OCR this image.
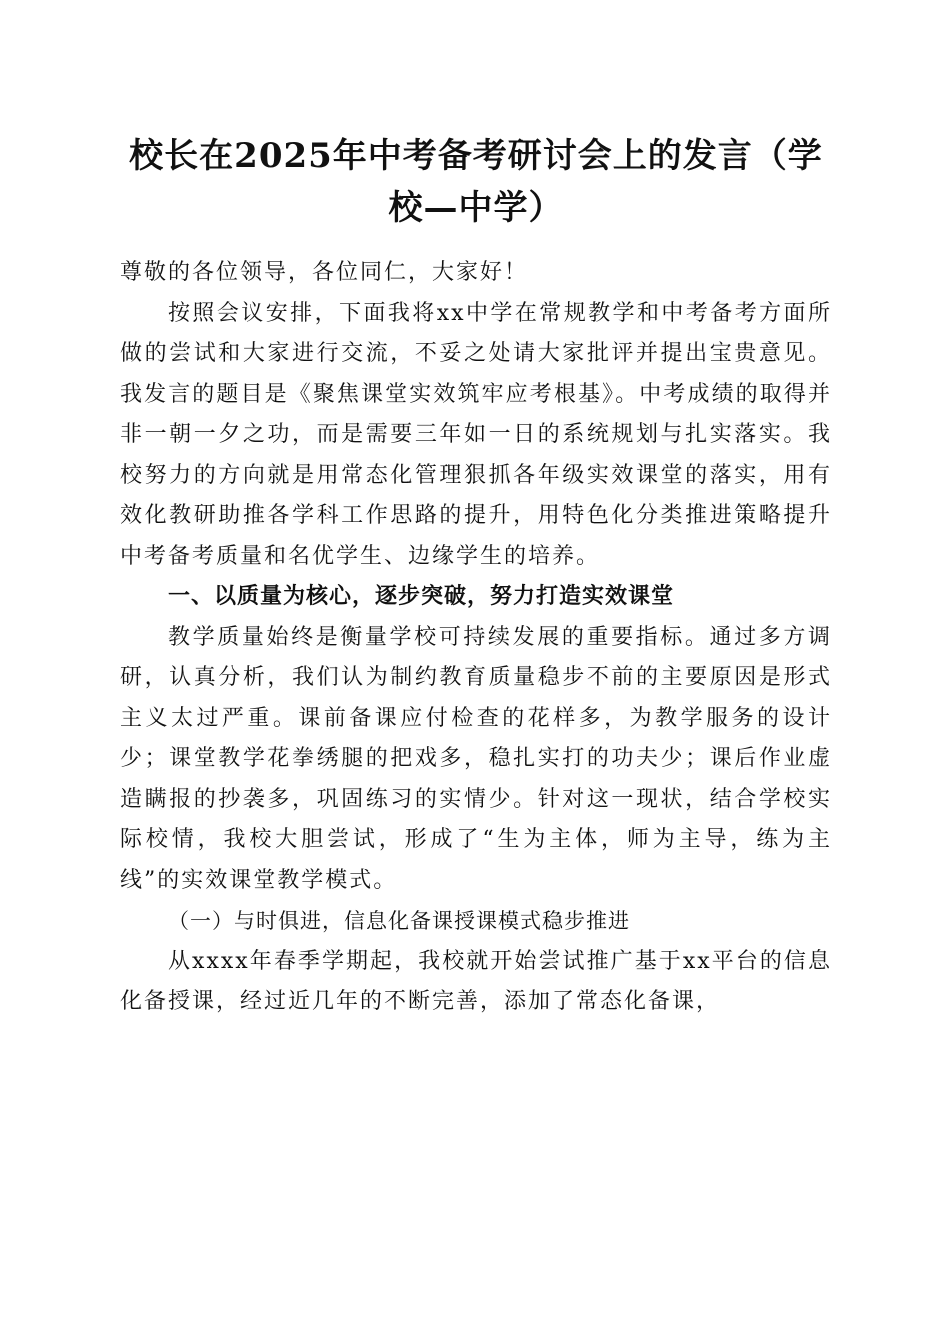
校长在2025年中考备考研讨会上的发言（学校—中学）

尊敬的各位领导，各位同仁，大家好！

按照会议安排，下面我将xx中学在常规教学和中考备考方面所做的尝试和大家进行交流，不妥之处请大家批评并提出宝贵意见。我发言的题目是《聚焦课堂实效筑牢应考根基》。中考成绩的取得并非一朝一夕之功，而是需要三年如一日的系统规划与扎实落实。我校努力的方向就是用常态化管理狠抓各年级实效课堂的落实，用有效化教研助推各学科工作思路的提升，用特色化分类推进策略提升中考备考质量和名优学生、边缘学生的培养。

一、以质量为核心，逐步突破，努力打造实效课堂

教学质量始终是衡量学校可持续发展的重要指标。通过多方调研，认真分析，我们认为制约教育质量稳步不前的主要原因是形式主义太过严重。课前备课应付检查的花样多，为教学服务的设计少；课堂教学花拳绣腿的把戏多，稳扎实打的功夫少；课后作业虚造瞒报的抄袭多，巩固练习的实情少。针对这一现状，结合学校实际校情，我校大胆尝试，形成了“生为主体，师为主导，练为主线”的实效课堂教学模式。

（一）与时俱进，信息化备课授课模式稳步推进

从xxxx年春季学期起，我校就开始尝试推广基于xx平台的信息化备授课，经过近几年的不断完善，添加了常态化备课，
